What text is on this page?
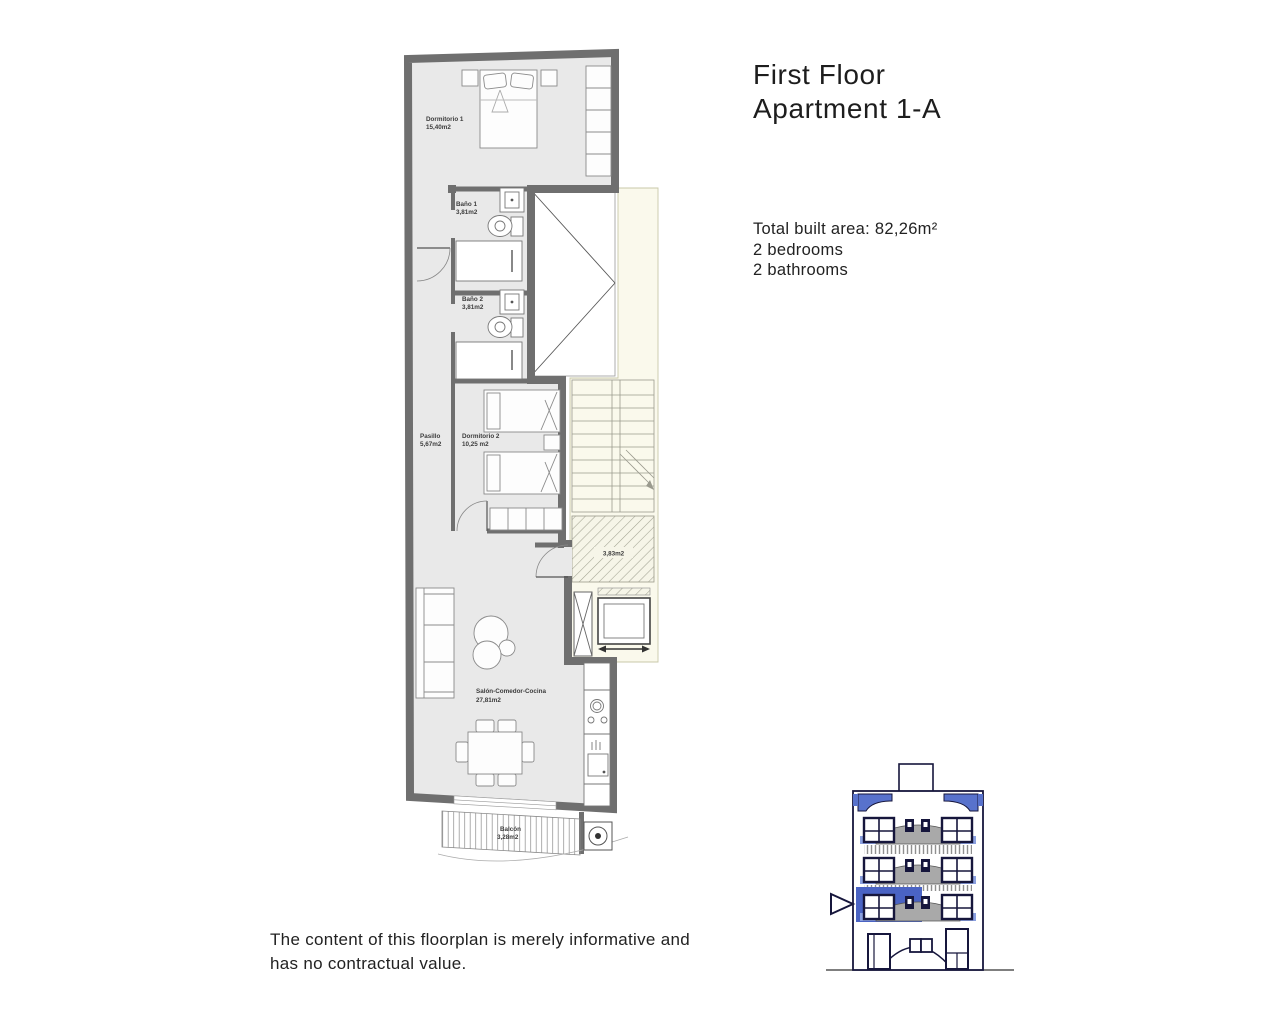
3,83m2
Dormitorio 1
15,40m2
Baño 1
3,81m2
Baño 2
3,81m2
Pasillo
5,67m2
Dormitorio 2
10,25 m2
Salón-Comedor-Cocina
27,81m2
Balcón
3,28m2
First Floor
Apartment 1-A
Total built area: 82,26m²
2 bedrooms
2 bathrooms
The content of this floorplan is merely informative and
has no contractual value.
